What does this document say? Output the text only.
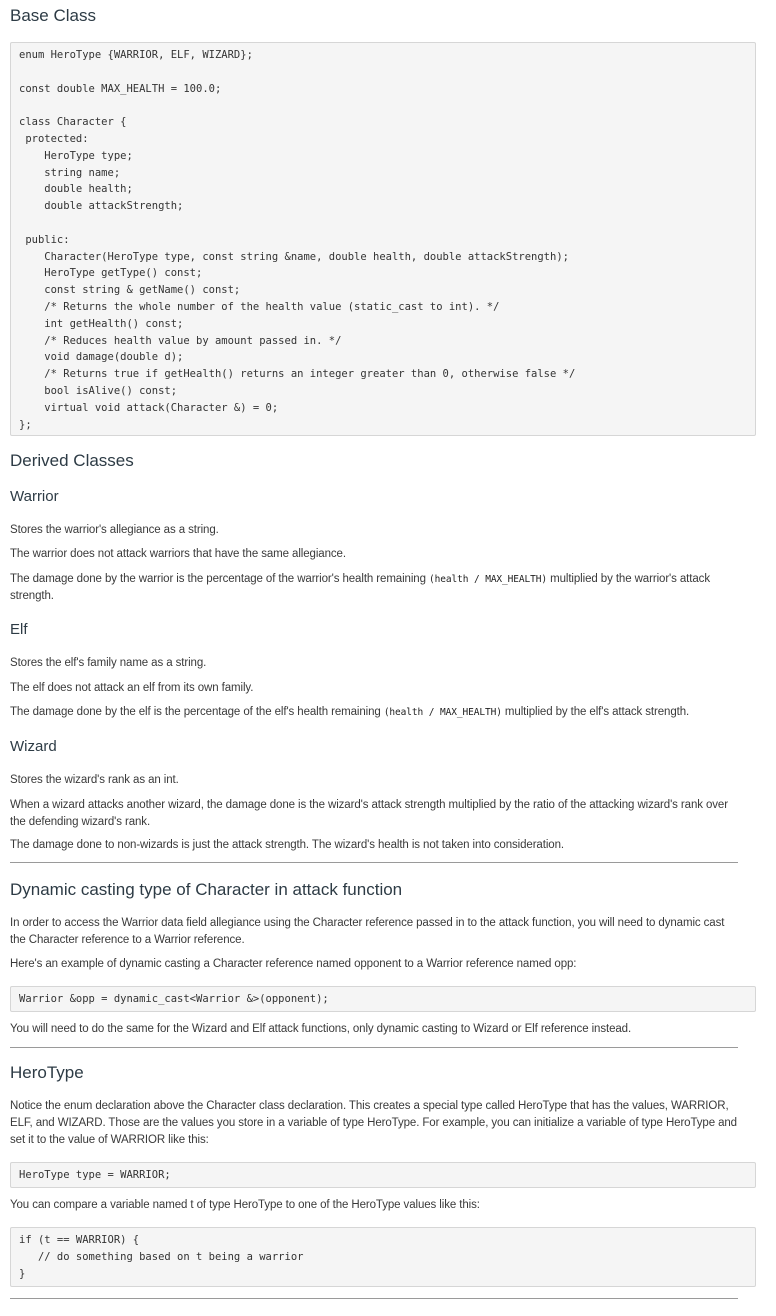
Base Class
enum HeroType {WARRIOR, ELF, WIZARD};

const double MAX_HEALTH = 100.0;

class Character {
protected:
HeroType type;
string name;
double health;
double attackStrength;

public:
Character(HeroType type, const string &name, double health, double attackStrength);
HeroType getType() const;
const string & getName() const;
/* Returns the whole number of the health value (static_cast to int). */
int getHealth() const;
/* Reduces health value by amount passed in. */
void damage(double d);
/* Returns true if getHealth() returns an integer greater than 0, otherwise false */
bool isAlive() const;
virtual void attack(Character &) = 0;
};
Derived Classes
Warrior
Stores the warrior's allegiance as a string.
The warrior does not attack warriors that have the same allegiance.
The damage done by the warrior is the percentage of the warrior's health remaining (health / MAX_HEALTH) multiplied by the warrior's attack strength.
Elf
Stores the elf's family name as a string.
The elf does not attack an elf from its own family.
The damage done by the elf is the percentage of the elf's health remaining (health / MAX_HEALTH) multiplied by the elf's attack strength.
Wizard
Stores the wizard's rank as an int.
When a wizard attacks another wizard, the damage done is the wizard's attack strength multiplied by the ratio of the attacking wizard's rank over the defending wizard's rank.
The damage done to non-wizards is just the attack strength. The wizard's health is not taken into consideration.
Dynamic casting type of Character in attack function
In order to access the Warrior data field allegiance using the Character reference passed in to the attack function, you will need to dynamic cast the Character reference to a Warrior reference.
Here's an example of dynamic casting a Character reference named opponent to a Warrior reference named opp:
Warrior &opp = dynamic_cast<Warrior &>(opponent);
You will need to do the same for the Wizard and Elf attack functions, only dynamic casting to Wizard or Elf reference instead.
HeroType
Notice the enum declaration above the Character class declaration. This creates a special type called HeroType that has the values, WARRIOR, ELF, and WIZARD. Those are the values you store in a variable of type HeroType. For example, you can initialize a variable of type HeroType and set it to the value of WARRIOR like this:
HeroType type = WARRIOR;
You can compare a variable named t of type HeroType to one of the HeroType values like this:
if (t == WARRIOR) {
// do something based on t being a warrior
}
